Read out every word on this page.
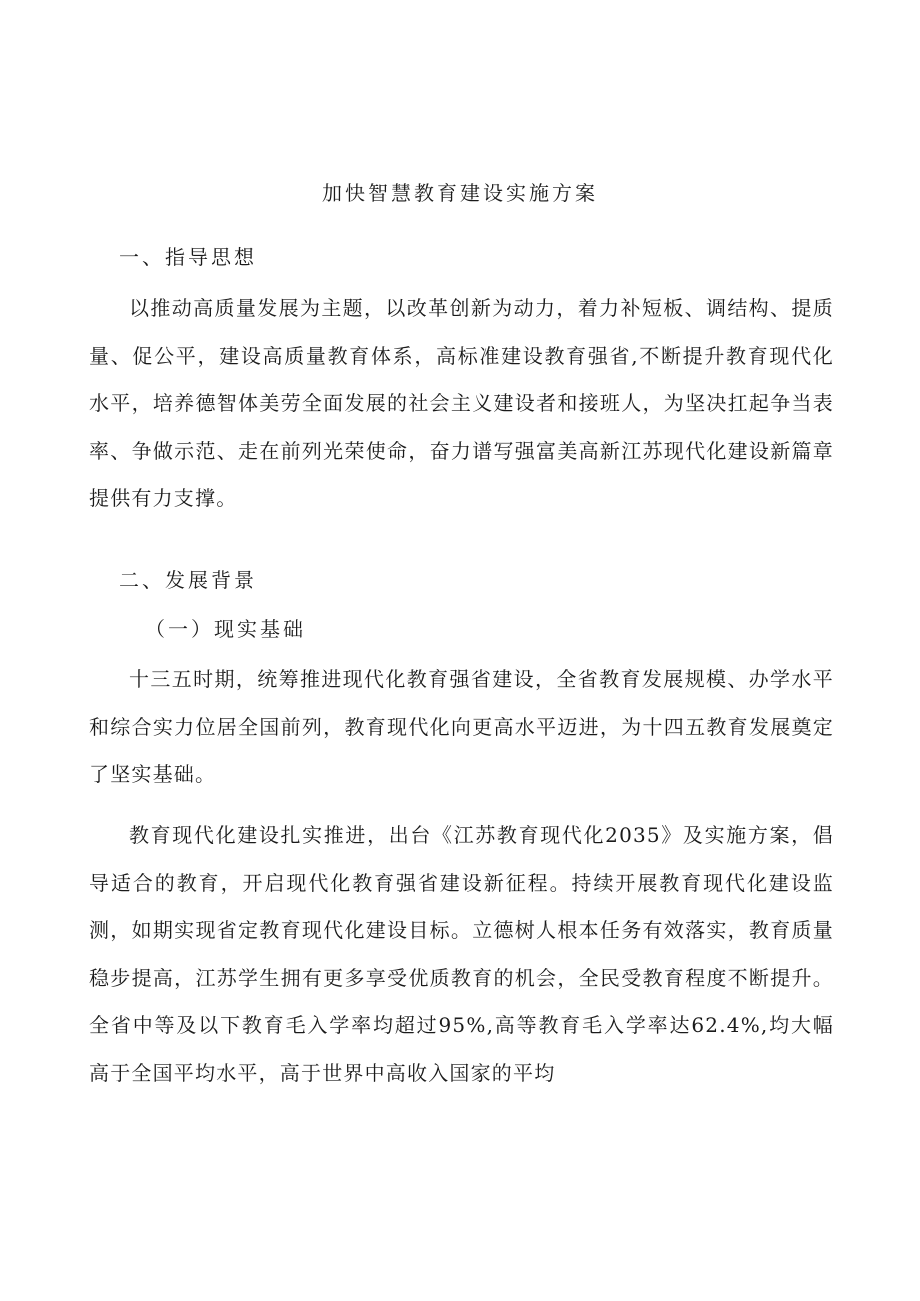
加快智慧教育建设实施方案
一、指导思想

以推动高质量发展为主题，以改革创新为动力，着力补短板、调结构、提质量、促公平，建设高质量教育体系，高标准建设教育强省,不断提升教育现代化水平，培养德智体美劳全面发展的社会主义建设者和接班人，为坚决扛起争当表率、争做示范、走在前列光荣使命，奋力谱写强富美高新江苏现代化建设新篇章提供有力支撑。

二、发展背景
（一）现实基础

十三五时期，统筹推进现代化教育强省建设，全省教育发展规模、办学水平和综合实力位居全国前列，教育现代化向更高水平迈进，为十四五教育发展奠定了坚实基础。

教育现代化建设扎实推进，出台《江苏教育现代化2035》及实施方案，倡导适合的教育，开启现代化教育强省建设新征程。持续开展教育现代化建设监测，如期实现省定教育现代化建设目标。立德树人根本任务有效落实，教育质量稳步提高，江苏学生拥有更多享受优质教育的机会，全民受教育程度不断提升。全省中等及以下教育毛入学率均超过95%,高等教育毛入学率达62.4%,均大幅高于全国平均水平，高于世界中高收入国家的平均
